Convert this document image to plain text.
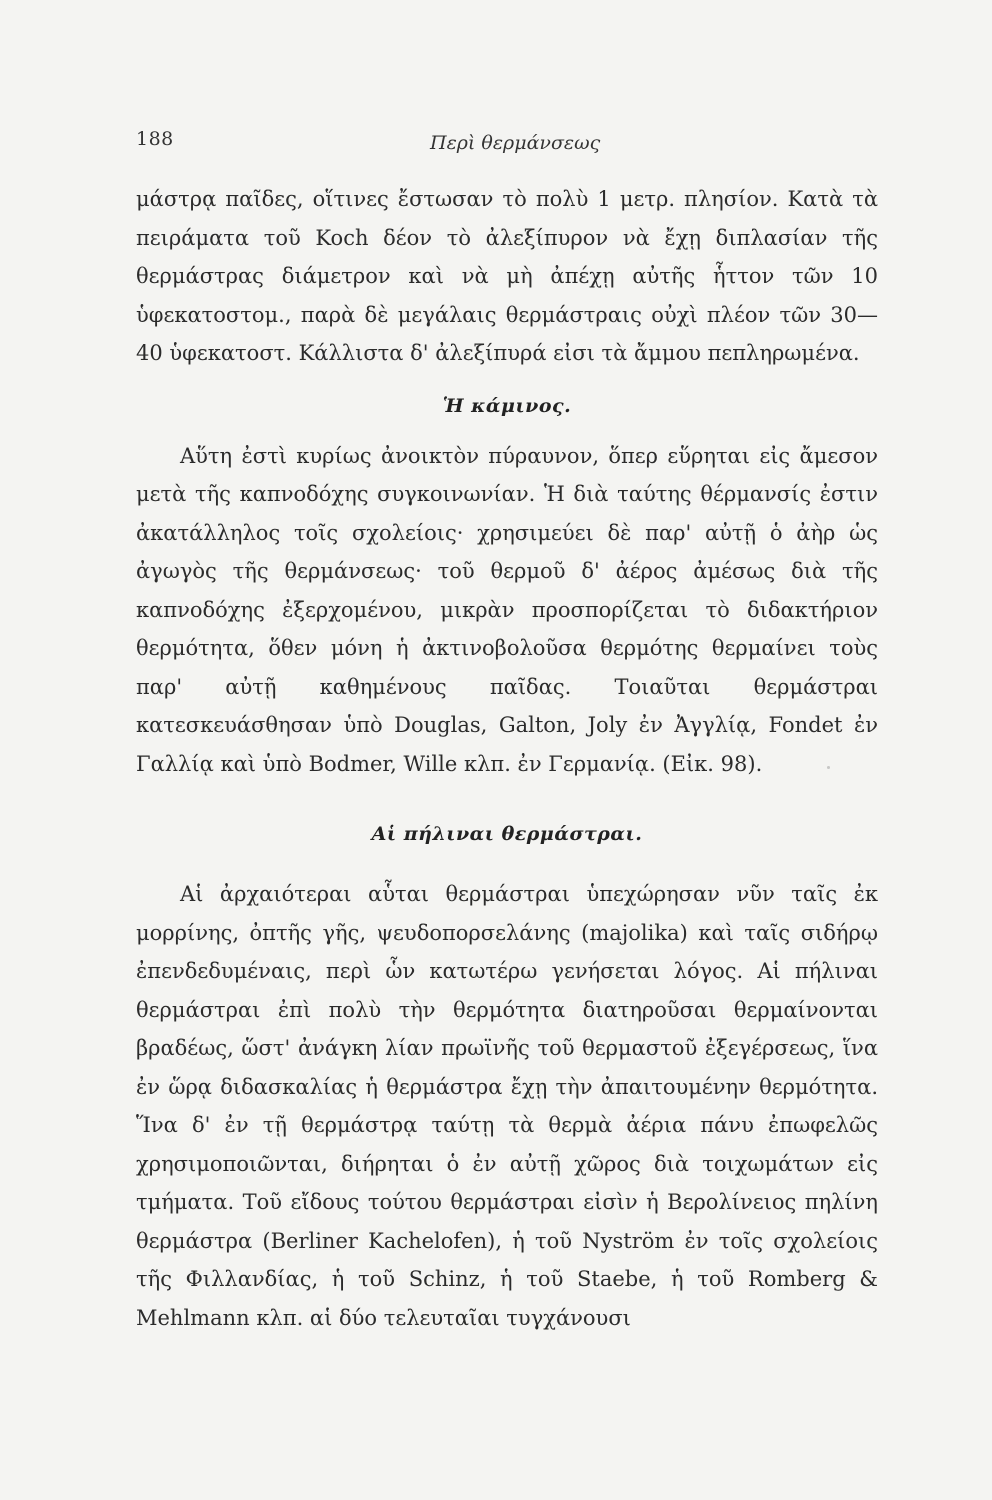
188	Περὶ θερμάνσεως

μάστρᾳ παῖδες, οἵτινες ἔστωσαν τὸ πολὺ 1 μετρ. πλησίον. Κατὰ τὰ πειράματα τοῦ Koch δέον τὸ ἀλεξίπυρον νὰ ἔχῃ διπλασίαν τῆς θερμάστρας διάμετρον καὶ νὰ μὴ ἀπέχῃ αὐτῆς ἧττον τῶν 10 ὑφεκατοστομ., παρὰ δὲ μεγάλαις θερμάστραις οὐχὶ πλέον τῶν 30—40 ὑφεκατοστ. Κάλλιστα δ' ἀλεξίπυρά εἰσι τὰ ἄμμου πεπληρωμένα.

Ἡ κάμινος.

Αὕτη ἐστὶ κυρίως ἀνοικτὸν πύραυνον, ὅπερ εὕρηται εἰς ἄμεσον μετὰ τῆς καπνοδόχης συγκοινωνίαν. Ἡ διὰ ταύτης θέρμανσίς ἐστιν ἀκατάλληλος τοῖς σχολείοις· χρησιμεύει δὲ παρ' αὐτῇ ὁ ἀὴρ ὡς ἀγωγὸς τῆς θερμάνσεως· τοῦ θερμοῦ δ' ἀέρος ἀμέσως διὰ τῆς καπνοδόχης ἐξερχομένου, μικρὰν προσπορίζεται τὸ διδακτήριον θερμότητα, ὅθεν μόνη ἡ ἀκτινοβολοῦσα θερμότης θερμαίνει τοὺς παρ' αὐτῇ καθημένους παῖδας. Τοιαῦται θερμάστραι κατεσκευάσθησαν ὑπὸ Douglas, Galton, Joly ἐν Ἀγγλίᾳ, Fondet ἐν Γαλλίᾳ καὶ ὑπὸ Bodmer, Wille κλπ. ἐν Γερμανίᾳ. (Εἰκ. 98).

Αἱ πήλιναι θερμάστραι.

Αἱ ἀρχαιότεραι αὗται θερμάστραι ὑπεχώρησαν νῦν ταῖς ἐκ μορρίνης, ὀπτῆς γῆς, ψευδοπορσελάνης (majolika) καὶ ταῖς σιδήρῳ ἐπενδεδυμέναις, περὶ ὧν κατωτέρω γενήσεται λόγος. Αἱ πήλιναι θερμάστραι ἐπὶ πολὺ τὴν θερμότητα διατηροῦσαι θερμαίνονται βραδέως, ὥστ' ἀνάγκη λίαν πρωϊνῆς τοῦ θερμαστοῦ ἐξεγέρσεως, ἵνα ἐν ὥρᾳ διδασκαλίας ἡ θερμάστρα ἔχῃ τὴν ἀπαιτουμένην θερμότητα. Ἵνα δ' ἐν τῇ θερμάστρᾳ ταύτῃ τὰ θερμὰ ἀέρια πάνυ ἐπωφελῶς χρησιμοποιῶνται, διήρηται ὁ ἐν αὐτῇ χῶρος διὰ τοιχωμάτων εἰς τμήματα. Τοῦ εἴδους τούτου θερμάστραι εἰσὶν ἡ Βερολίνειος πηλίνη θερμάστρα (Berliner Kachelofen), ἡ τοῦ Nyström ἐν τοῖς σχολείοις τῆς Φιλλανδίας, ἡ τοῦ Schinz, ἡ τοῦ Staebe, ἡ τοῦ Romberg & Mehlmann κλπ. αἱ δύο τελευταῖαι τυγχάνουσι
